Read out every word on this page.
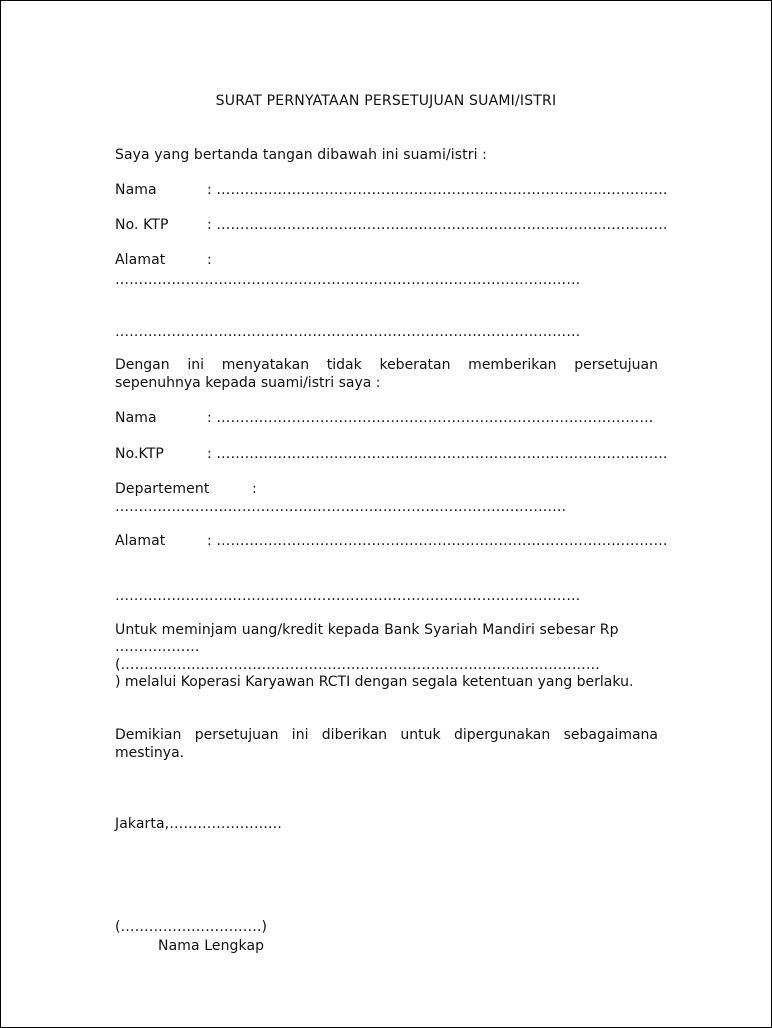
SURAT PERNYATAAN PERSETUJUAN SUAMI/ISTRI
Saya yang bertanda tangan dibawah ini suami/istri :
Nama	: ……………………………………………………………………………………
No. KTP	: ……………………………………………………………………………………
Alamat	:
………………………………………………………………………………………
………………………………………………………………………………………
Dengan ini menyatakan tidak keberatan memberikan persetujuan sepenuhnya kepada suami/istri saya :
Nama	: …………………………………………………………………………………
No.KTP	: ……………………………………………………………………………………
Departement	:
……………………………………………………………………………………
Alamat	: ……………………………………………………………………………………
………………………………………………………………………………………
Untuk meminjam uang/kredit kepada Bank Syariah Mandiri sebesar Rp
………………
(…………………………………………………………………………………………
) melalui Koperasi Karyawan RCTI dengan segala ketentuan yang berlaku.
Demikian persetujuan ini diberikan untuk dipergunakan sebagaimana mestinya.
Jakarta,……………………
(…………………………)
Nama Lengkap
